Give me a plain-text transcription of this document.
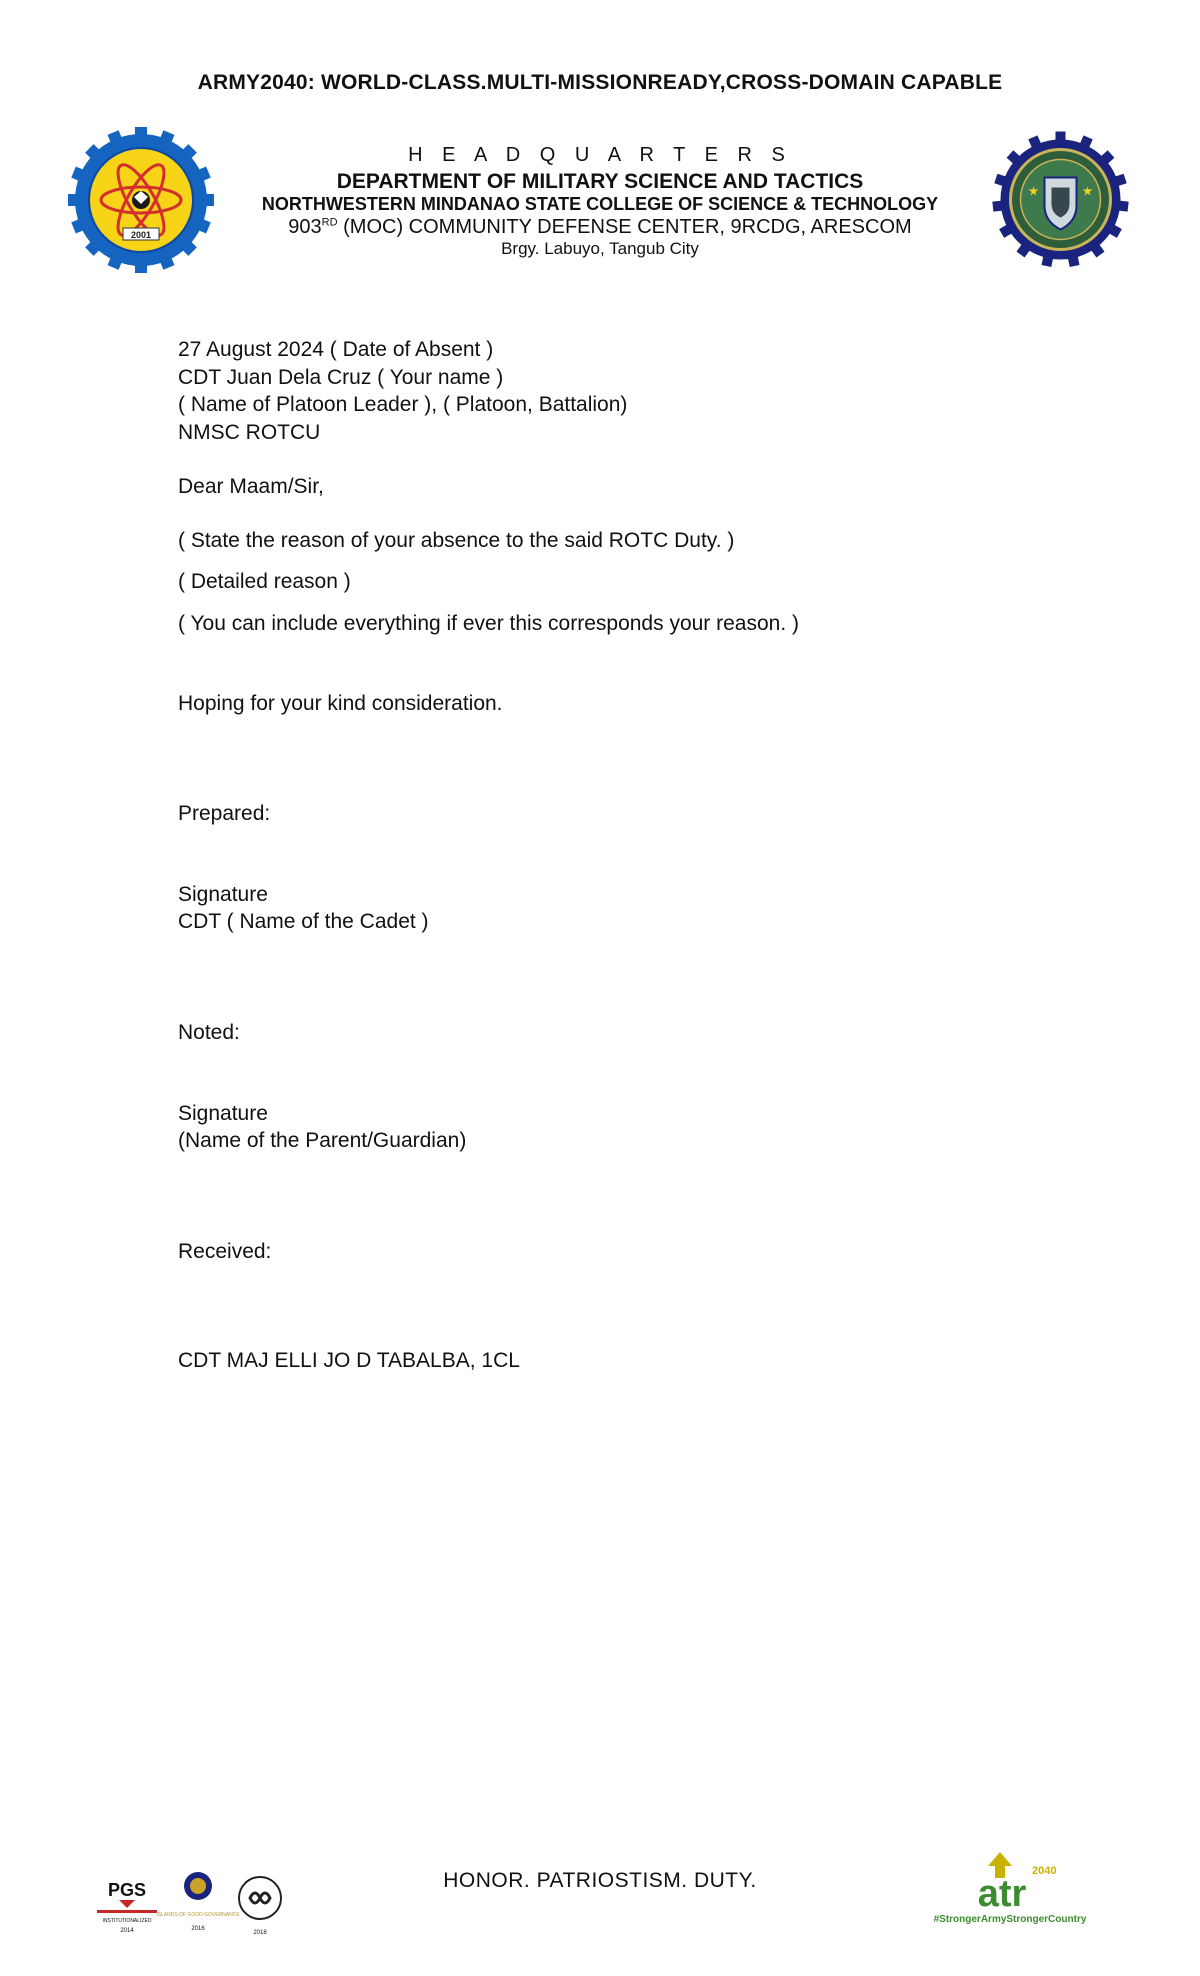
ARMY2040: WORLD-CLASS.MULTI-MISSIONREADY,CROSS-DOMAIN CAPABLE
2001
H E A D Q U A R T E R S
DEPARTMENT OF MILITARY SCIENCE AND TACTICS
NORTHWESTERN MINDANAO STATE COLLEGE OF SCIENCE & TECHNOLOGY
903RD (MOC) COMMUNITY DEFENSE CENTER, 9RCDG, ARESCOM
Brgy. Labuyo, Tangub City

27 August 2024 ( Date of Absent )

CDT Juan Dela Cruz ( Your name )

( Name of Platoon Leader ), ( Platoon, Battalion)

NMSC ROTCU

Dear Maam/Sir,

( State the reason of your absence to the said ROTC Duty. )

( Detailed reason )

( You can include everything if ever this corresponds your reason. )

Hoping for your kind consideration.

Prepared:
Signature
CDT ( Name of the Cadet )
Noted:
Signature
(Name of the Parent/Guardian)
Received:
CDT MAJ ELLI JO D TABALBA, 1CL
PGS
INSTITUTIONALIZED
2014
ISLANDS OF GOOD GOVERNANCE
2016
2018
HONOR. PATRIOSTISM. DUTY.	atr
2040
#StrongerArmyStrongerCountry
